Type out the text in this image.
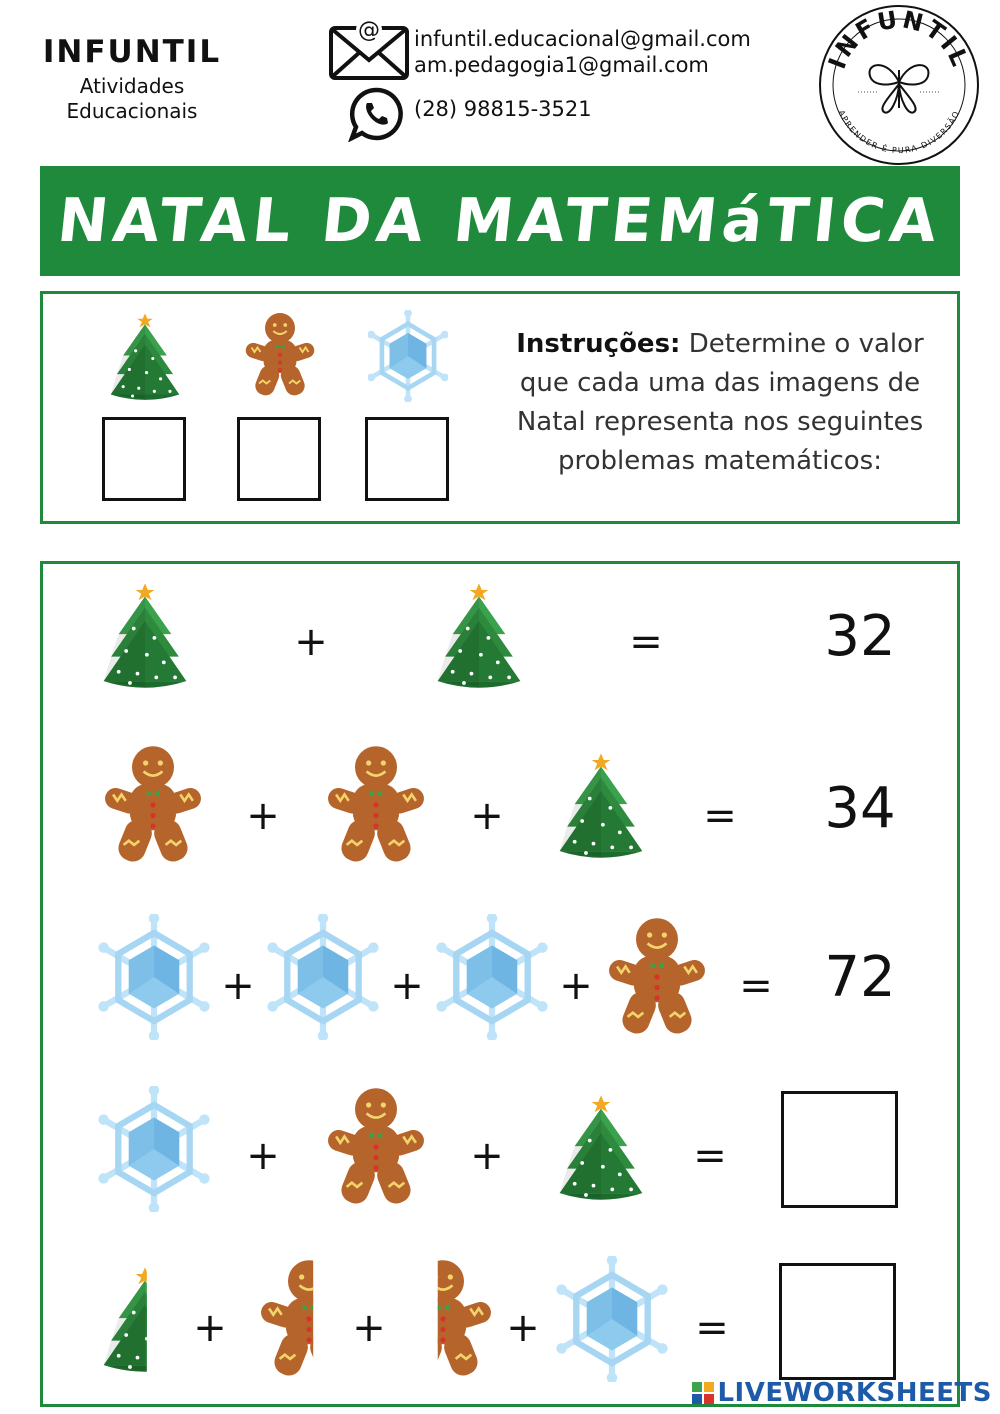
INFUNTIL
Atividades
Educacionais
@ infuntil.educacional@gmail.com
am.pedagogia1@gmail.com
(28) 98815-3521
INFUNTIL
APRENDER É PURA DIVERSÃO
NATAL DA MATEMáTICA
Instruções: Determine o valor que cada uma das imagens de Natal representa nos seguintes problemas matemáticos:
+	=	32
+	+	=	34
+	+	+	= 72
+	+	=
+	+	+	=
LIVEWORKSHEETS
